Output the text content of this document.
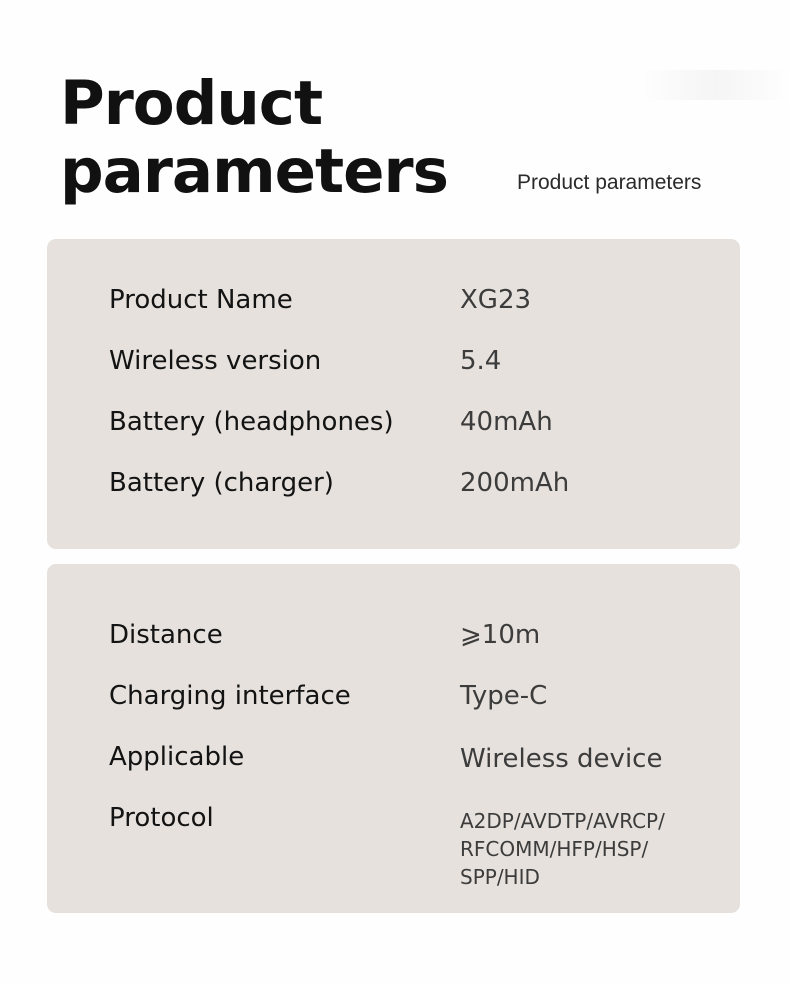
Product
parameters	Product parameters
Product Name	XG23
Wireless version	5.4
Battery (headphones)	40mAh
Battery (charger)	200mAh
Distance	⩾10m
Charging interface	Type-C
Applicable	Wireless device
Protocol	A2DP/AVDTP/AVRCP/
RFCOMM/HFP/HSP/
SPP/HID
